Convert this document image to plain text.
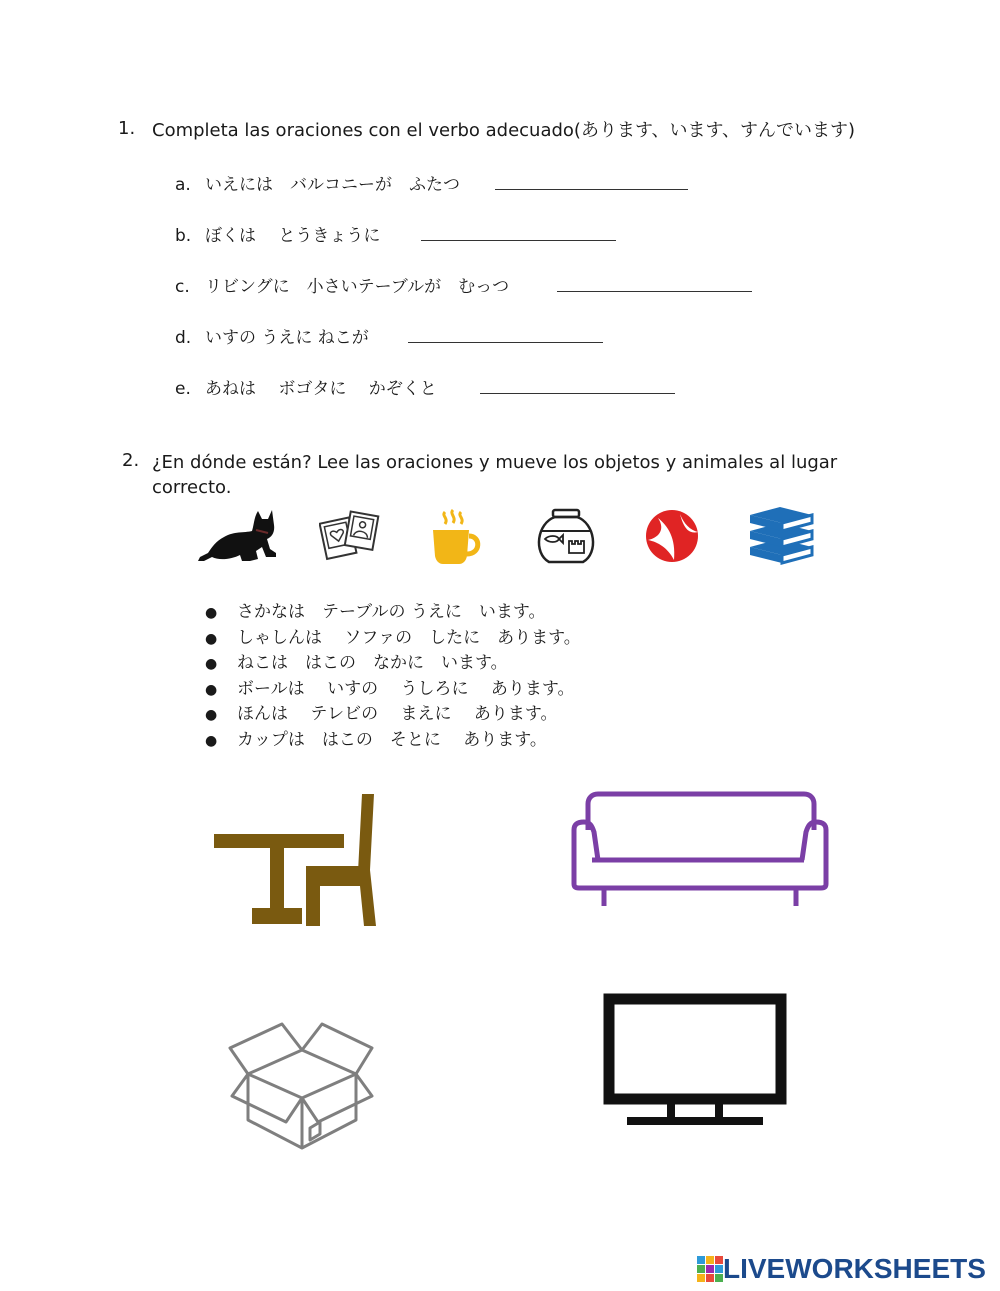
1. Completa las oraciones con el verbo adecuado(あります、います、すんでいます)
a. いえには　バルコニーが　ふたつ
b. ぼくは　 とうきょうに
c. リビングに　小さいテーブルが　むっつ
d. いすの うえに ねこが
e. あねは　 ボゴタに　 かぞくと
2. ¿En dónde están? Lee las oraciones y mueve los objetos y animales al lugar
correcto.
● さかなは　テーブルの うえに　います。
● しゃしんは　 ソファの　したに　あります。
● ねこは　はこの　なかに　います。
● ボールは　 いすの　 うしろに　 あります。
● ほんは　 テレビの　 まえに　 あります。
● カップは　はこの　そとに　 あります。
LIVEWORKSHEETS
